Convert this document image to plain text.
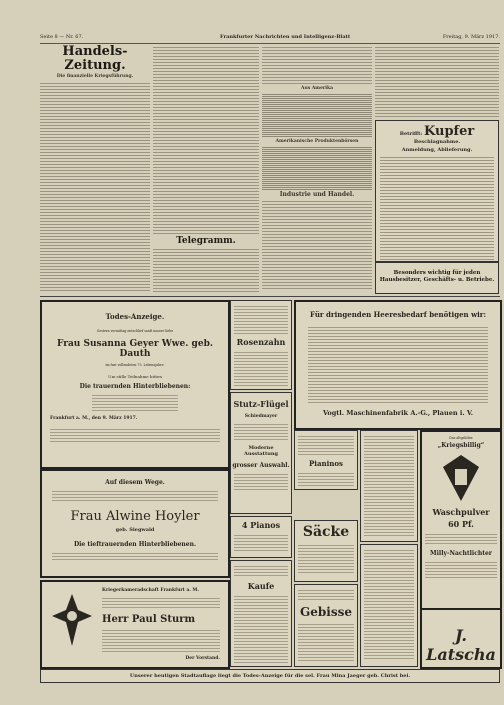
Seite 8 — Nr. 67.	Frankfurter Nachrichten und Intelligenz-Blatt	Freitag, 9. März 1917.
Handels-Zeitung.
Die finanzielle Kriegsführung.
Telegramm.
Aus Amerika
Amerikanische Produktenbörsen
Industrie und Handel.
Betrifft: Kupfer Beschlagnahme.
Anmeldung, Ablieferung.
Besonders wichtig für jeden Hausbesitzer, Geschäfts- u. Betriebe.
Todes-Anzeige.
Gestern vormittag entschlief sanft unsere liebe
Frau Susanna Geyer Wwe. geb. Dauth
im fast vollendeten 75. Lebensjahre.
Um stille Teilnahme bitten
Die trauernden Hinterbliebenen:
Frankfurt a. M., den 9. März 1917.
Auf diesem Wege.
Frau Alwine Hoyler
geb. Siegwald
Die tieftrauernden Hinterbliebenen.
Kriegerkameradschaft Frankfurt a. M.
Herr Paul Sturm
Der Vorstand.
Rosenzahn
Stutz-Flügel
Schiedmayer
Moderne Ausstattung
grosser Auswahl.
4 Pianos
Kaufe
Für dringenden Heeresbedarf benötigen wir:
Vogtl. Maschinenfabrik A.-G., Plauen i. V.
Pianinos
Säcke
Gebisse
Das altgelobte
„Kriegsbillig“
Waschpulver
60 Pf.
Milly-Nachtlichter
J. Latscha
Unserer heutigen Stadtauflage liegt die Todes-Anzeige für die sel. Frau Mina Jaeger geb. Christ bei.
